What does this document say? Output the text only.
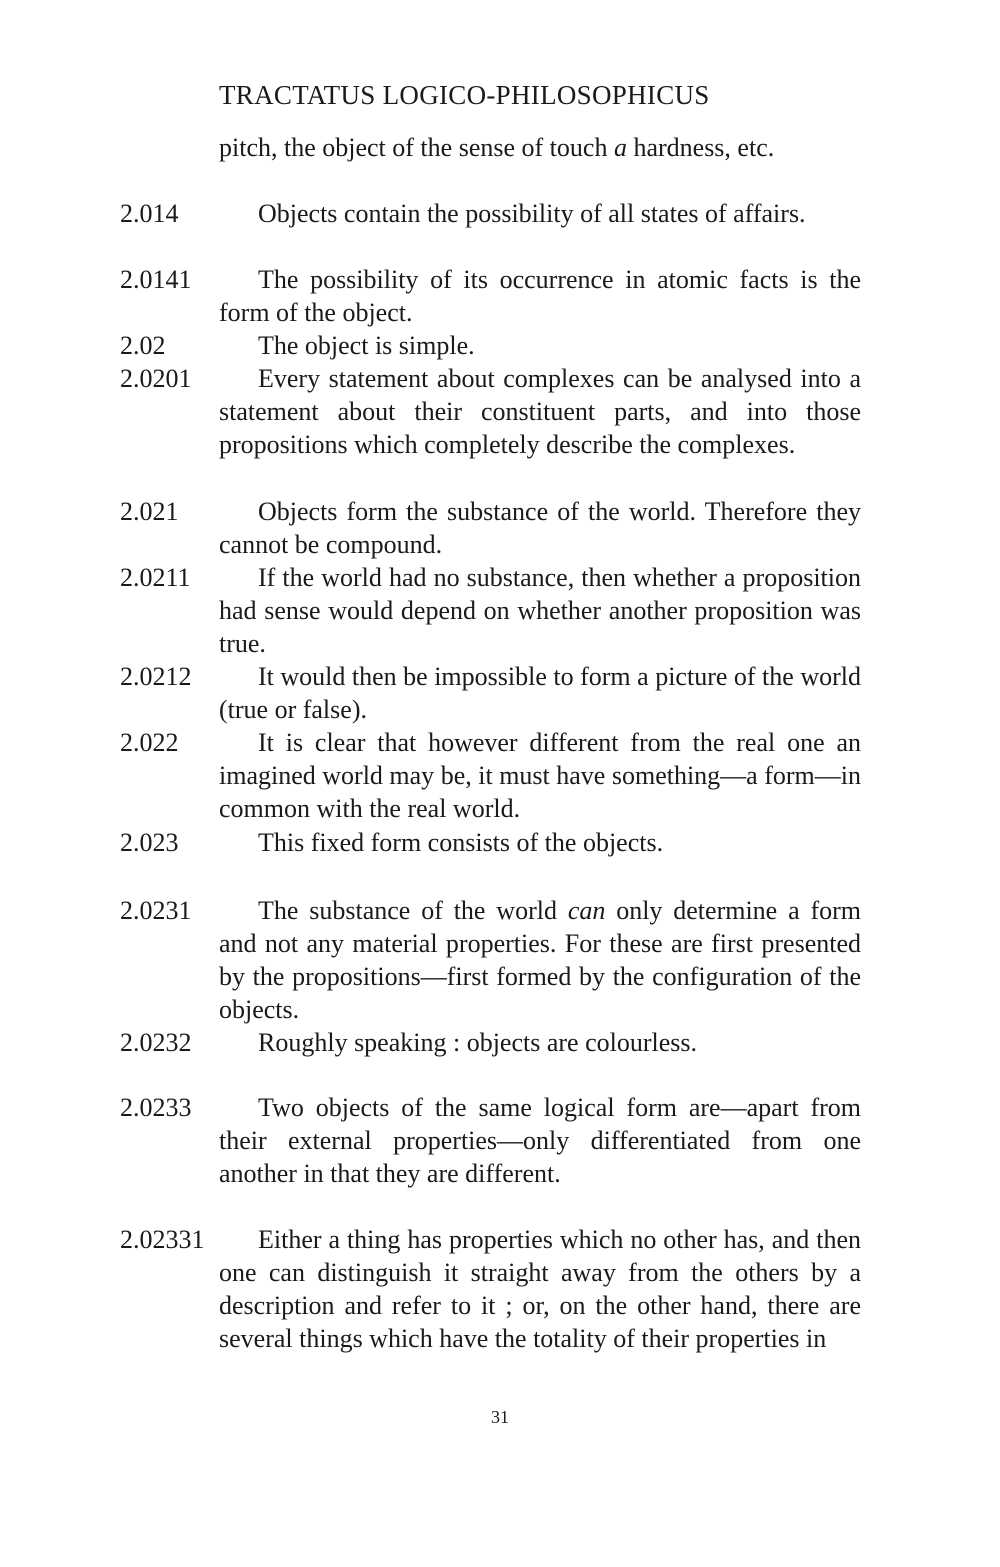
TRACTATUS LOGICO-PHILOSOPHICUS
pitch, the object of the sense of touch a hardness, etc.
2.014	Objects contain the possibility of all states of affairs.
2.0141	The possibility of its occurrence in atomic facts is the form of the object.
2.02	The object is simple.
2.0201	Every statement about complexes can be analysed into a statement about their constituent parts, and into those propositions which completely describe the complexes.
2.021	Objects form the substance of the world. Therefore they cannot be compound.
2.0211	If the world had no substance, then whether a proposition had sense would depend on whether another proposition was true.
2.0212	It would then be impossible to form a picture of the world (true or false).
2.022	It is clear that however different from the real one an imagined world may be, it must have something—a form—in common with the real world.
2.023	This fixed form consists of the objects.
2.0231	The substance of the world can only determine a form and not any material properties. For these are first presented by the propositions—first formed by the configuration of the objects.
2.0232	Roughly speaking : objects are colourless.
2.0233	Two objects of the same logical form are—apart from their external properties—only differentiated from one another in that they are different.
2.02331	Either a thing has properties which no other has, and then one can distinguish it straight away from the others by a description and refer to it ; or, on the other hand, there are several things which have the totality of their properties in
31
